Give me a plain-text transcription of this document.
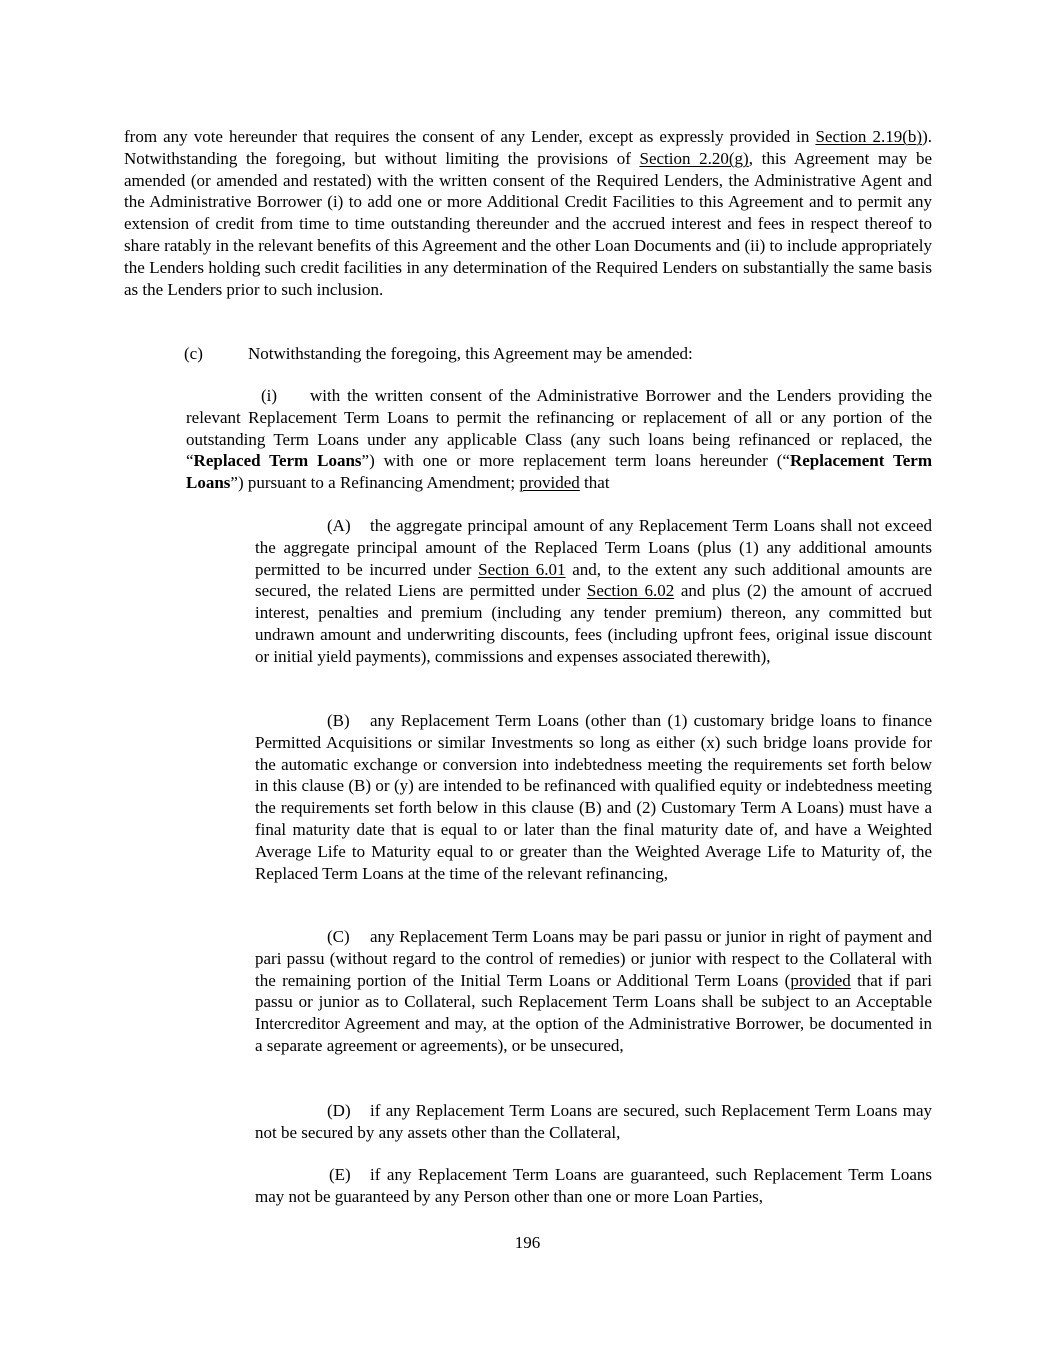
from any vote hereunder that requires the consent of any Lender, except as expressly provided in Section 2.19(b)). Notwithstanding the foregoing, but without limiting the provisions of Section 2.20(g), this Agreement may be amended (or amended and restated) with the written consent of the Required Lenders, the Administrative Agent and the Administrative Borrower (i) to add one or more Additional Credit Facilities to this Agreement and to permit any extension of credit from time to time outstanding thereunder and the accrued interest and fees in respect thereof to share ratably in the relevant benefits of this Agreement and the other Loan Documents and (ii) to include appropriately the Lenders holding such credit facilities in any determination of the Required Lenders on substantially the same basis as the Lenders prior to such inclusion.

(c)	Notwithstanding the foregoing, this Agreement may be amended:

(i) with the written consent of the Administrative Borrower and the Lenders providing the relevant Replacement Term Loans to permit the refinancing or replacement of all or any portion of the outstanding Term Loans under any applicable Class (any such loans being refinanced or replaced, the “Replaced Term Loans”) with one or more replacement term loans hereunder (“Replacement Term Loans”) pursuant to a Refinancing Amendment; provided that

(A) the aggregate principal amount of any Replacement Term Loans shall not exceed the aggregate principal amount of the Replaced Term Loans (plus (1) any additional amounts permitted to be incurred under Section 6.01 and, to the extent any such additional amounts are secured, the related Liens are permitted under Section 6.02 and plus (2) the amount of accrued interest, penalties and premium (including any tender premium) thereon, any committed but undrawn amount and underwriting discounts, fees (including upfront fees, original issue discount or initial yield payments), commissions and expenses associated therewith),

(B) any Replacement Term Loans (other than (1) customary bridge loans to finance Permitted Acquisitions or similar Investments so long as either (x) such bridge loans provide for the automatic exchange or conversion into indebtedness meeting the requirements set forth below in this clause (B) or (y) are intended to be refinanced with qualified equity or indebtedness meeting the requirements set forth below in this clause (B) and (2) Customary Term A Loans) must have a final maturity date that is equal to or later than the final maturity date of, and have a Weighted Average Life to Maturity equal to or greater than the Weighted Average Life to Maturity of, the Replaced Term Loans at the time of the relevant refinancing,

(C) any Replacement Term Loans may be pari passu or junior in right of payment and pari passu (without regard to the control of remedies) or junior with respect to the Collateral with the remaining portion of the Initial Term Loans or Additional Term Loans (provided that if pari passu or junior as to Collateral, such Replacement Term Loans shall be subject to an Acceptable Intercreditor Agreement and may, at the option of the Administrative Borrower, be documented in a separate agreement or agreements), or be unsecured,

(D) if any Replacement Term Loans are secured, such Replacement Term Loans may not be secured by any assets other than the Collateral,

(E) if any Replacement Term Loans are guaranteed, such Replacement Term Loans may not be guaranteed by any Person other than one or more Loan Parties,

196
